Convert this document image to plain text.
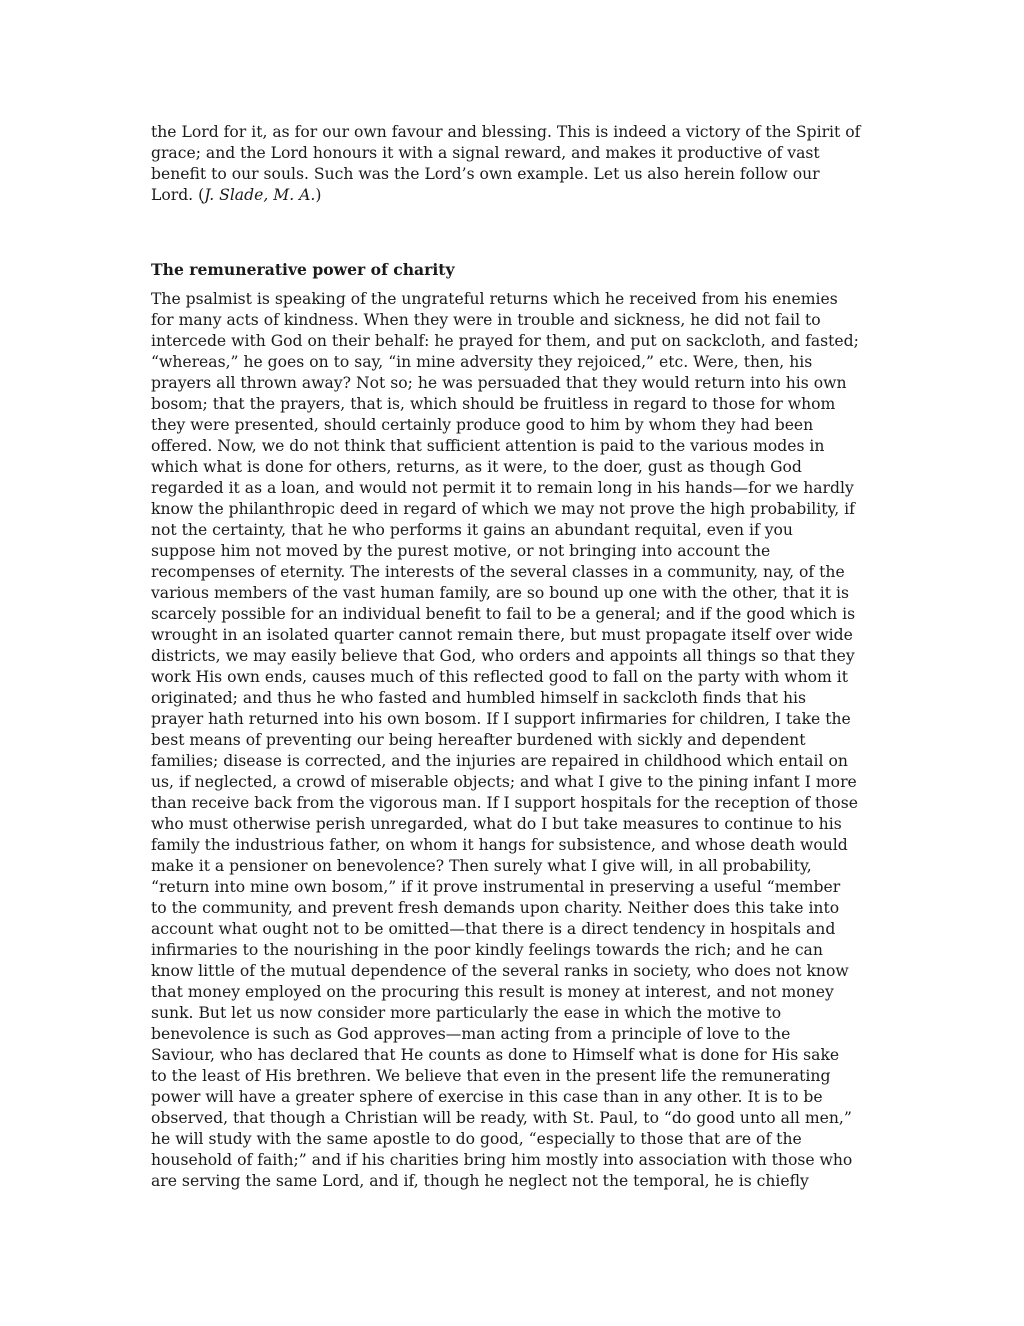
the Lord for it, as for our own favour and blessing. This is indeed a victory of the Spirit of
grace; and the Lord honours it with a signal reward, and makes it productive of vast
benefit to our souls. Such was the Lord’s own example. Let us also herein follow our
Lord. (J. Slade, M. A.)
The remunerative power of charity
The psalmist is speaking of the ungrateful returns which he received from his enemies
for many acts of kindness. When they were in trouble and sickness, he did not fail to
intercede with God on their behalf: he prayed for them, and put on sackcloth, and fasted;
“whereas,” he goes on to say, “in mine adversity they rejoiced,” etc. Were, then, his
prayers all thrown away? Not so; he was persuaded that they would return into his own
bosom; that the prayers, that is, which should be fruitless in regard to those for whom
they were presented, should certainly produce good to him by whom they had been
offered. Now, we do not think that sufficient attention is paid to the various modes in
which what is done for others, returns, as it were, to the doer, gust as though God
regarded it as a loan, and would not permit it to remain long in his hands—for we hardly
know the philanthropic deed in regard of which we may not prove the high probability, if
not the certainty, that he who performs it gains an abundant requital, even if you
suppose him not moved by the purest motive, or not bringing into account the
recompenses of eternity. The interests of the several classes in a community, nay, of the
various members of the vast human family, are so bound up one with the other, that it is
scarcely possible for an individual benefit to fail to be a general; and if the good which is
wrought in an isolated quarter cannot remain there, but must propagate itself over wide
districts, we may easily believe that God, who orders and appoints all things so that they
work His own ends, causes much of this reflected good to fall on the party with whom it
originated; and thus he who fasted and humbled himself in sackcloth finds that his
prayer hath returned into his own bosom. If I support infirmaries for children, I take the
best means of preventing our being hereafter burdened with sickly and dependent
families; disease is corrected, and the injuries are repaired in childhood which entail on
us, if neglected, a crowd of miserable objects; and what I give to the pining infant I more
than receive back from the vigorous man. If I support hospitals for the reception of those
who must otherwise perish unregarded, what do I but take measures to continue to his
family the industrious father, on whom it hangs for subsistence, and whose death would
make it a pensioner on benevolence? Then surely what I give will, in all probability,
“return into mine own bosom,” if it prove instrumental in preserving a useful “member
to the community, and prevent fresh demands upon charity. Neither does this take into
account what ought not to be omitted—that there is a direct tendency in hospitals and
infirmaries to the nourishing in the poor kindly feelings towards the rich; and he can
know little of the mutual dependence of the several ranks in society, who does not know
that money employed on the procuring this result is money at interest, and not money
sunk. But let us now consider more particularly the ease in which the motive to
benevolence is such as God approves—man acting from a principle of love to the
Saviour, who has declared that He counts as done to Himself what is done for His sake
to the least of His brethren. We believe that even in the present life the remunerating
power will have a greater sphere of exercise in this case than in any other. It is to be
observed, that though a Christian will be ready, with St. Paul, to “do good unto all men,”
he will study with the same apostle to do good, “especially to those that are of the
household of faith;” and if his charities bring him mostly into association with those who
are serving the same Lord, and if, though he neglect not the temporal, he is chiefly
